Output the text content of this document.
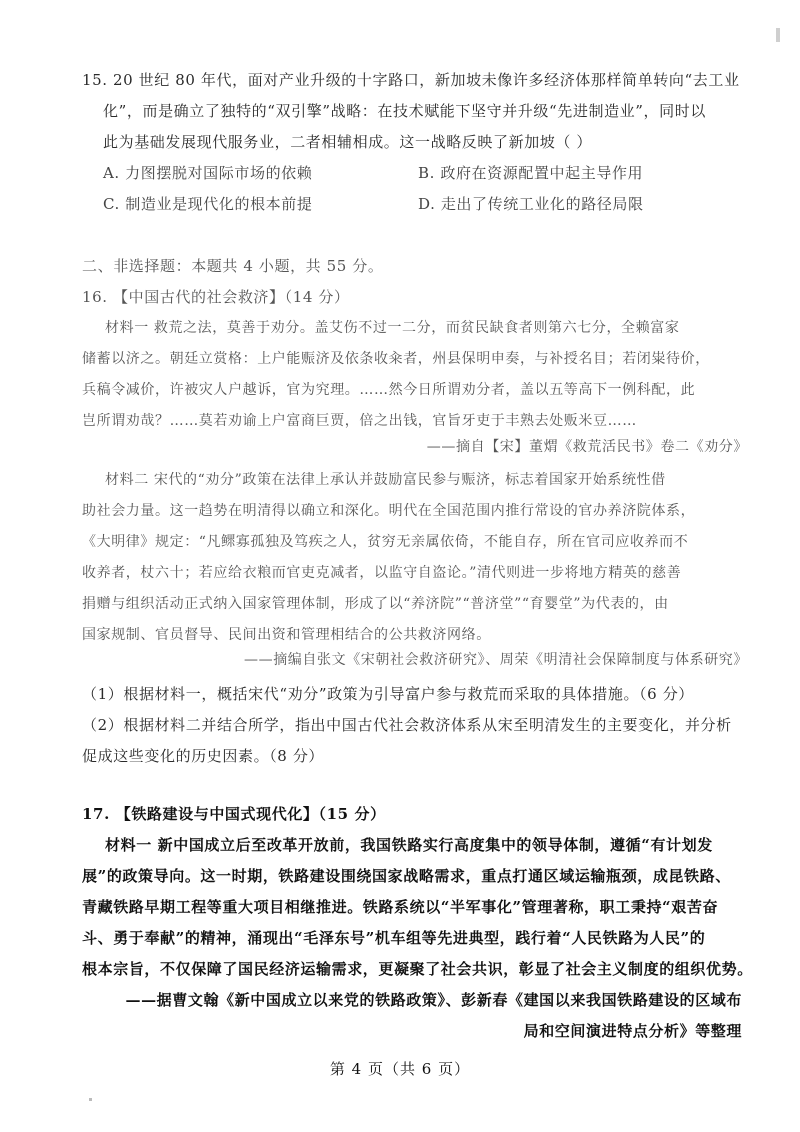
15. 20 世纪 80 年代，面对产业升级的十字路口，新加坡未像许多经济体那样简单转向“去工业
化”，而是确立了独特的“双引擎”战略：在技术赋能下坚守并升级“先进制造业”，同时以
此为基础发展现代服务业，二者相辅相成。这一战略反映了新加坡（ ）
A. 力图摆脱对国际市场的依赖	B. 政府在资源配置中起主导作用
C. 制造业是现代化的根本前提	D. 走出了传统工业化的路径局限
二、非选择题：本题共 4 小题，共 55 分。
16. 【中国古代的社会救济】（14 分）
材料一 救荒之法，莫善于劝分。盖艾伤不过一二分，而贫民缺食者则第六七分，全赖富家
储蓄以济之。朝廷立赏格：上户能赈济及依条收籴者，州县保明申奏，与补授名目；若闭粜待价，
兵稿令减价，许被灾人户越诉，官为究理。……然今日所谓劝分者，盖以五等高下一例科配，此
岂所谓劝哉？……莫若劝谕上户富商巨贾，倍之出钱，官旨牙吏于丰熟去处贩米豆……
——摘自【宋】董煟《救荒活民书》卷二《劝分》
材料二 宋代的“劝分”政策在法律上承认并鼓励富民参与赈济，标志着国家开始系统性借
助社会力量。这一趋势在明清得以确立和深化。明代在全国范围内推行常设的官办养济院体系，
《大明律》规定：“凡鳏寡孤独及笃疾之人，贫穷无亲属依倚，不能自存，所在官司应收养而不
收养者，杖六十；若应给衣粮而官吏克减者，以监守自盗论。”清代则进一步将地方精英的慈善
捐赠与组织活动正式纳入国家管理体制，形成了以“养济院”“普济堂”“育婴堂”为代表的，由
国家规制、官员督导、民间出资和管理相结合的公共救济网络。
——摘编自张文《宋朝社会救济研究》、周荣《明清社会保障制度与体系研究》
（1）根据材料一，概括宋代“劝分”政策为引导富户参与救荒而采取的具体措施。（6 分）
（2）根据材料二并结合所学，指出中国古代社会救济体系从宋至明清发生的主要变化，并分析
促成这些变化的历史因素。（8 分）
17. 【铁路建设与中国式现代化】（15 分）
材料一 新中国成立后至改革开放前，我国铁路实行高度集中的领导体制，遵循“有计划发
展”的政策导向。这一时期，铁路建设围绕国家战略需求，重点打通区域运输瓶颈，成昆铁路、
青藏铁路早期工程等重大项目相继推进。铁路系统以“半军事化”管理著称，职工秉持“艰苦奋
斗、勇于奉献”的精神，涌现出“毛泽东号”机车组等先进典型，践行着“人民铁路为人民”的
根本宗旨，不仅保障了国民经济运输需求，更凝聚了社会共识，彰显了社会主义制度的组织优势。
——据曹文翰《新中国成立以来党的铁路政策》、彭新春《建国以来我国铁路建设的区域布
局和空间演进特点分析》等整理
第 4 页（共 6 页）
